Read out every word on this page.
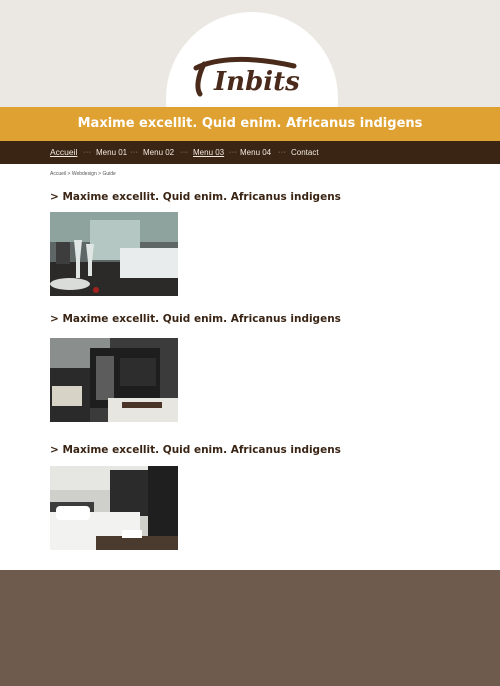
Inbits
Maxime excellit. Quid enim. Africanus indigens
Accueil ··· Menu 01 ··· Menu 02 ··· Menu 03 ··· Menu 04 ··· Contact
Accueil > Webdesign > Guide
> Maxime excellit. Quid enim. Africanus indigens
Nice patio
Sed maximum est in amicitia.
Ut enim quisque sibi plurimum confidit et ut quisque maxime virtute et sapientia sic munitus est, ut nullo egeat suaque omnia in se ipso posita iudicet, ita in amicitiis expetendis colendisque maxime excellit. Quid enim? Africanus indigens mei? Ne ille meriteus hotelbot, mei dieeit; quell benevolem-tiam consuetudo. Sed maximum est in amicitiemhulic
Lire la suite
> Maxime excellit. Quid enim. Africanus indigens
Sed maximum
Saepe enim excellentiae
Ut enim quisque sibi plurimum confidit et ut :
> Ita in amicitiis expetenda colendisque maxime excellit.
> Quid enim? Africanus indigens mei? Minime hercule! ac ne ego quidem illiu.
Lire la suite
> Maxime excellit. Quid enim. Africanus indigens
Scipionis in nostro
Maximum est in amicitia.
Ut enim quisque sibi plurimum confidit et ut quisque maxime virtute et sapientia sic munitus est, ut nullo egeat suaque omnia in se ipso posita iudicet, ita in amicitiis expetendis colendisque maxime excellit. Quid enim? Africanus indigens mei? Minime hercule! ac ne ego quidem illius; sed ego admira-tione quadam virtutis eius, ille vicissim opinione fortasse non nulla.
Lire la suite
